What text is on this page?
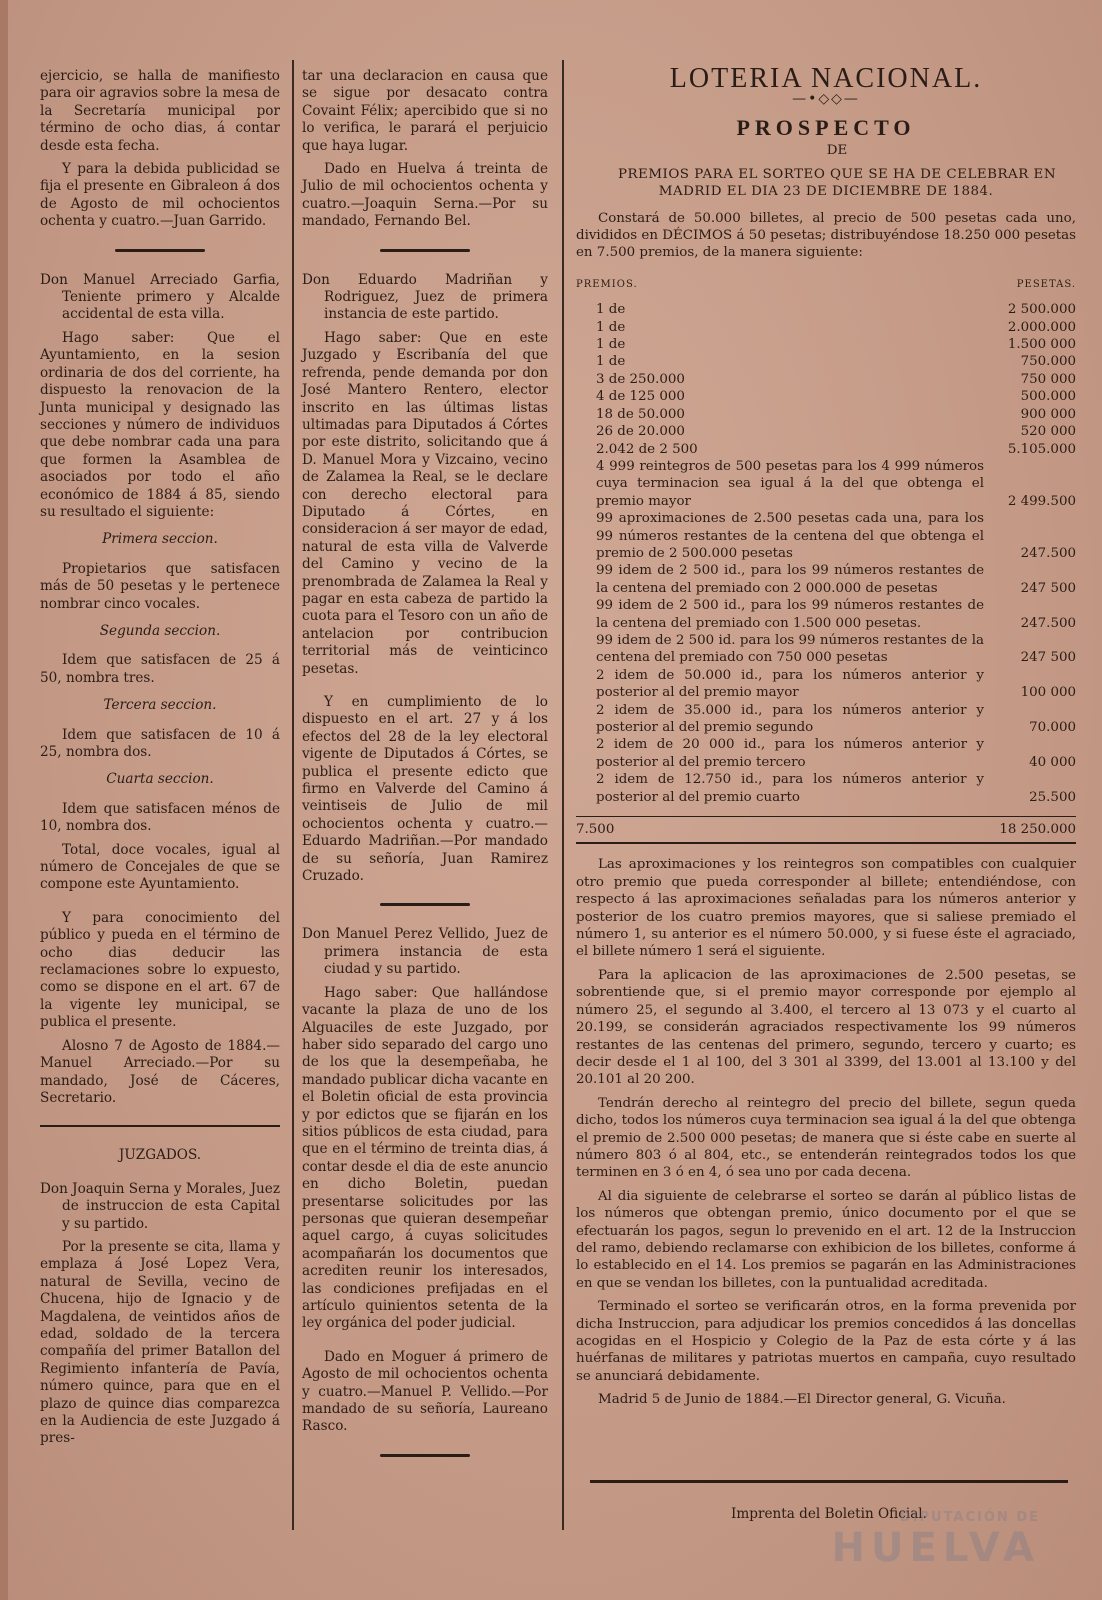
ejercicio, se halla de manifiesto para oir agravios sobre la mesa de la Secretaría municipal por término de ocho dias, á contar desde esta fecha.

Y para la debida publicidad se fija el presente en Gibraleon á dos de Agosto de mil ochocientos ochenta y cuatro.—Juan Garrido.

Don Manuel Arreciado Garfia, Teniente primero y Alcalde accidental de esta villa.

Hago saber: Que el Ayuntamiento, en la sesion ordinaria de dos del corriente, ha dispuesto la renovacion de la Junta municipal y designado las secciones y número de individuos que debe nombrar cada una para que formen la Asamblea de asociados por todo el año económico de 1884 á 85, siendo su resultado el siguiente:

Primera seccion.

Propietarios que satisfacen más de 50 pesetas y le pertenece nombrar cinco vocales.

Segunda seccion.

Idem que satisfacen de 25 á 50, nombra tres.

Tercera seccion.

Idem que satisfacen de 10 á 25, nombra dos.

Cuarta seccion.

Idem que satisfacen ménos de 10, nombra dos.

Total, doce vocales, igual al número de Concejales de que se compone este Ayuntamiento.

Y para conocimiento del público y pueda en el término de ocho dias deducir las reclamaciones sobre lo expuesto, como se dispone en el art. 67 de la vigente ley municipal, se publica el presente.

Alosno 7 de Agosto de 1884.—Manuel Arreciado.—Por su mandado, José de Cáceres, Secretario.

JUZGADOS.

Don Joaquin Serna y Morales, Juez de instruccion de esta Capital y su partido.

Por la presente se cita, llama y emplaza á José Lopez Vera, natural de Sevilla, vecino de Chucena, hijo de Ignacio y de Magdalena, de veintidos años de edad, soldado de la tercera compañía del primer Batallon del Regimiento infantería de Pavía, número quince, para que en el plazo de quince dias comparezca en la Audiencia de este Juzgado á pres-

tar una declaracion en causa que se sigue por desacato contra Covaint Félix; apercibido que si no lo verifica, le parará el perjuicio que haya lugar.

Dado en Huelva á treinta de Julio de mil ochocientos ochenta y cuatro.—Joaquin Serna.—Por su mandado, Fernando Bel.

Don Eduardo Madriñan y Rodriguez, Juez de primera instancia de este partido.

Hago saber: Que en este Juzgado y Escribanía del que refrenda, pende demanda por don José Mantero Rentero, elector inscrito en las últimas listas ultimadas para Diputados á Córtes por este distrito, solicitando que á D. Manuel Mora y Vizcaino, vecino de Zalamea la Real, se le declare con derecho electoral para Diputado á Córtes, en consideracion á ser mayor de edad, natural de esta villa de Valverde del Camino y vecino de la prenombrada de Zalamea la Real y pagar en esta cabeza de partido la cuota para el Tesoro con un año de antelacion por contribucion territorial más de veinticinco pesetas.

Y en cumplimiento de lo dispuesto en el art. 27 y á los efectos del 28 de la ley electoral vigente de Diputados á Córtes, se publica el presente edicto que firmo en Valverde del Camino á veintiseis de Julio de mil ochocientos ochenta y cuatro.—Eduardo Madriñan.—Por mandado de su señoría, Juan Ramirez Cruzado.

Don Manuel Perez Vellido, Juez de primera instancia de esta ciudad y su partido.

Hago saber: Que hallándose vacante la plaza de uno de los Alguaciles de este Juzgado, por haber sido separado del cargo uno de los que la desempeñaba, he mandado publicar dicha vacante en el Boletin oficial de esta provincia y por edictos que se fijarán en los sitios públicos de esta ciudad, para que en el término de treinta dias, á contar desde el dia de este anuncio en dicho Boletin, puedan presentarse solicitudes por las personas que quieran desempeñar aquel cargo, á cuyas solicitudes acompañarán los documentos que acrediten reunir los interesados, las condiciones prefijadas en el artículo quinientos setenta de la ley orgánica del poder judicial.

Dado en Moguer á primero de Agosto de mil ochocientos ochenta y cuatro.—Manuel P. Vellido.—Por mandado de su señoría, Laureano Rasco.

LOTERIA NACIONAL.
—•◇◇—
PROSPECTO

DE

PREMIOS PARA EL SORTEO QUE SE HA DE CELEBRAR EN MADRID EL DIA 23 DE DICIEMBRE DE 1884.

Constará de 50.000 billetes, al precio de 500 pesetas cada uno, divididos en DÉCIMOS á 50 pesetas; distribuyéndose 18.250 000 pesetas en 7.500 premios, de la manera siguiente:

PREMIOS.	PESETAS.
1 de	2 500.000
1 de	2.000.000
1 de	1.500 000
1 de	750.000
3 de 250.000	750 000
4 de 125 000	500.000
18 de 50.000	900 000
26 de 20.000	520 000
2.042 de 2 500	5.105.000
4 999 reintegros de 500 pesetas para los 4 999 números cuya terminacion sea igual á la del que obtenga el premio mayor	2 499.500
99 aproximaciones de 2.500 pesetas cada una, para los 99 números restantes de la centena del que obtenga el premio de 2 500.000 pesetas	247.500
99 idem de 2 500 id., para los 99 números restantes de la centena del premiado con 2 000.000 de pesetas	247 500
99 idem de 2 500 id., para los 99 números restantes de la centena del premiado con 1.500 000 pesetas.	247.500
99 idem de 2 500 id. para los 99 números restantes de la centena del premiado con 750 000 pesetas	247 500
2 idem de 50.000 id., para los números anterior y posterior al del premio mayor	100 000
2 idem de 35.000 id., para los números anterior y posterior al del premio segundo	70.000
2 idem de 20 000 id., para los números anterior y posterior al del premio tercero	40 000
2 idem de 12.750 id., para los números anterior y posterior al del premio cuarto	25.500
7.500	18 250.000

Las aproximaciones y los reintegros son compatibles con cualquier otro premio que pueda corresponder al billete; entendiéndose, con respecto á las aproximaciones señaladas para los números anterior y posterior de los cuatro premios mayores, que si saliese premiado el número 1, su anterior es el número 50.000, y si fuese éste el agraciado, el billete número 1 será el siguiente.

Para la aplicacion de las aproximaciones de 2.500 pesetas, se sobrentiende que, si el premio mayor corresponde por ejemplo al número 25, el segundo al 3.400, el tercero al 13 073 y el cuarto al 20.199, se considerán agraciados respectivamente los 99 números restantes de las centenas del primero, segundo, tercero y cuarto; es decir desde el 1 al 100, del 3 301 al 3399, del 13.001 al 13.100 y del 20.101 al 20 200.

Tendrán derecho al reintegro del precio del billete, segun queda dicho, todos los números cuya terminacion sea igual á la del que obtenga el premio de 2.500 000 pesetas; de manera que si éste cabe en suerte al número 803 ó al 804, etc., se entenderán reintegrados todos los que terminen en 3 ó en 4, ó sea uno por cada decena.

Al dia siguiente de celebrarse el sorteo se darán al público listas de los números que obtengan premio, único documento por el que se efectuarán los pagos, segun lo prevenido en el art. 12 de la Instruccion del ramo, debiendo reclamarse con exhibicion de los billetes, conforme á lo establecido en el 14. Los premios se pagarán en las Administraciones en que se vendan los billetes, con la puntualidad acreditada.

Terminado el sorteo se verificarán otros, en la forma prevenida por dicha Instruccion, para adjudicar los premios concedidos á las doncellas acogidas en el Hospicio y Colegio de la Paz de esta córte y á las huérfanas de militares y patriotas muertos en campaña, cuyo resultado se anunciará debidamente.

Madrid 5 de Junio de 1884.—El Director general, G. Vicuña.

Imprenta del Boletin Oficial.
DIPUTACIÓN DE
HUELVA
